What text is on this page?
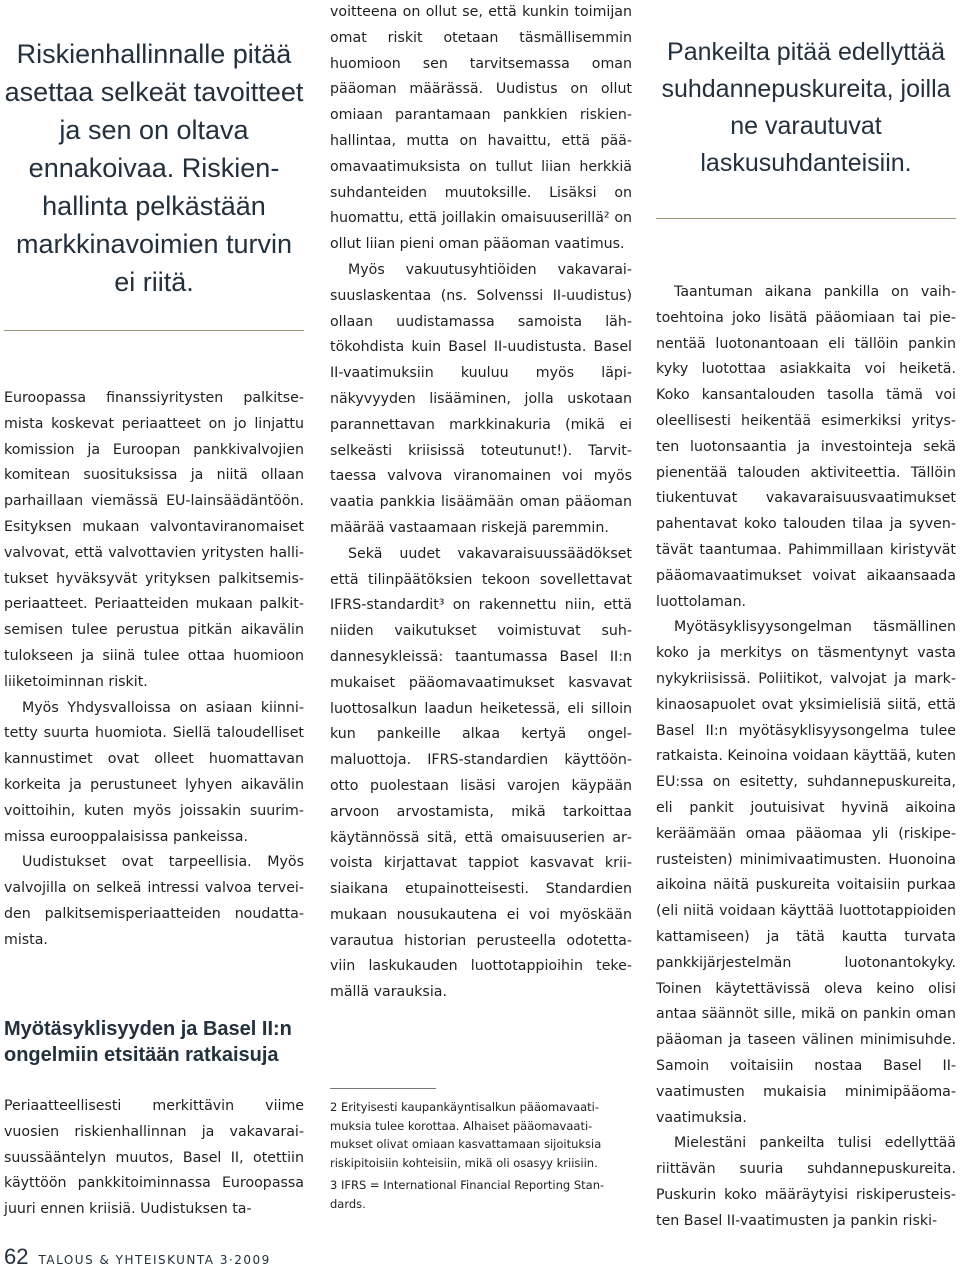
Riskienhallinnalle pitää asettaa selkeät tavoitteet ja sen on oltava ennakoivaa. Riskienhallinta pelkästään markkinavoimien turvin ei riitä.

Euroopassa finanssiyritysten palkitsemista koskevat periaatteet on jo linjattu komission ja Euroopan pankkivalvojien komitean suosituksissa ja niitä ollaan parhaillaan viemässä EU-lainsäädäntöön. Esityksen mukaan valvontaviranomaiset valvovat, että valvottavien yritysten hallitukset hyväksyvät yrityksen palkitsemisperiaatteet. Periaatteiden mukaan palkitsemisen tulee perustua pitkän aikavälin tulokseen ja siinä tulee ottaa huomioon liiketoiminnan riskit.

Myös Yhdysvalloissa on asiaan kiinnitetty suurta huomiota. Siellä taloudelliset kannustimet ovat olleet huomattavan korkeita ja perustuneet lyhyen aikavälin voittoihin, kuten myös joissakin suurimmissa eurooppalaisissa pankeissa.

Uudistukset ovat tarpeellisia. Myös valvojilla on selkeä intressi valvoa terveiden palkitsemisperiaatteiden noudattamista.

Myötäsyklisyyden ja Basel II:n ongelmiin etsitään ratkaisuja

Periaatteellisesti merkittävin viime vuosien riskienhallinnan ja vakavaraisuussääntelyn muutos, Basel II, otettiin käyttöön pankkitoiminnassa Euroopassa juuri ennen kriisiä. Uudistuksen ta-

voitteena on ollut se, että kunkin toimijan omat riskit otetaan täsmällisemmin huomioon sen tarvitsemassa oman pääoman määrässä. Uudistus on ollut omiaan parantamaan pankkien riskienhallintaa, mutta on havaittu, että pääomavaatimuksista on tullut liian herkkiä suhdanteiden muutoksille. Lisäksi on huomattu, että joillakin omaisuuserillä² on ollut liian pieni oman pääoman vaatimus.

Myös vakuutusyhtiöiden vakavaraisuuslaskentaa (ns. Solvenssi II-uudistus) ollaan uudistamassa samoista lähtökohdista kuin Basel II-uudistusta. Basel II-vaatimuksiin kuuluu myös läpinäkyvyyden lisääminen, jolla uskotaan parannettavan markkinakuria (mikä ei selkeästi kriisissä toteutunut!). Tarvittaessa valvova viranomainen voi myös vaatia pankkia lisäämään oman pääoman määrää vastaamaan riskejä paremmin.

Sekä uudet vakavaraisuussäädökset että tilinpäätöksien tekoon sovellettavat IFRS-standardit³ on rakennettu niin, että niiden vaikutukset voimistuvat suhdannesykleissä: taantumassa Basel II:n mukaiset pääomavaatimukset kasvavat luottosalkun laadun heiketessä, eli silloin kun pankeille alkaa kertyä ongelmaluottoja. IFRS-standardien käyttöönotto puolestaan lisäsi varojen käypään arvoon arvostamista, mikä tarkoittaa käytännössä sitä, että omaisuuserien arvoista kirjattavat tappiot kasvavat kriisiaikana etupainotteisesti. Standardien mukaan nousukautena ei voi myöskään varautua historian perusteella odotettaviin laskukauden luottotappioihin tekemällä varauksia.

2 Erityisesti kaupankäyntisalkun pääomavaatimuksia tulee korottaa. Alhaiset pääomavaatimukset olivat omiaan kasvattamaan sijoituksia riskipitoisiin kohteisiin, mikä oli osasyy kriisiin.

3 IFRS = International Financial Reporting Standards.

Pankeilta pitää edellyttää suhdannepuskureita, joilla ne varautuvat laskusuhdanteisiin.

Taantuman aikana pankilla on vaihtoehtoina joko lisätä pääomiaan tai pienentää luotonantoaan eli tällöin pankin kyky luotottaa asiakkaita voi heiketä. Koko kansantalouden tasolla tämä voi oleellisesti heikentää esimerkiksi yritysten luotonsaantia ja investointeja sekä pienentää talouden aktiviteettia. Tällöin tiukentuvat vakavaraisuusvaatimukset pahentavat koko talouden tilaa ja syventävät taantumaa. Pahimmillaan kiristyvät pääomavaatimukset voivat aikaansaada luottolaman.

Myötäsyklisyysongelman täsmällinen koko ja merkitys on täsmentynyt vasta nykykriisissä. Poliitikot, valvojat ja markkinaosapuolet ovat yksimielisiä siitä, että Basel II:n myötäsyklisyysongelma tulee ratkaista. Keinoina voidaan käyttää, kuten EU:ssa on esitetty, suhdannepuskureita, eli pankit joutuisivat hyvinä aikoina keräämään omaa pääomaa yli (riskiperusteisten) minimivaatimusten. Huonoina aikoina näitä puskureita voitaisiin purkaa (eli niitä voidaan käyttää luottotappioiden kattamiseen) ja tätä kautta turvata pankkijärjestelmän luotonantokyky. Toinen käytettävissä oleva keino olisi antaa säännöt sille, mikä on pankin oman pääoman ja taseen välinen minimisuhde. Samoin voitaisiin nostaa Basel II-vaatimusten mukaisia minimipääomavaatimuksia.

Mielestäni pankeilta tulisi edellyttää riittävän suuria suhdannepuskureita. Puskurin koko määräytyisi riskiperusteisten Basel II-vaatimusten ja pankin riski-

62 TALOUS & YHTEISKUNTA 3·2009
